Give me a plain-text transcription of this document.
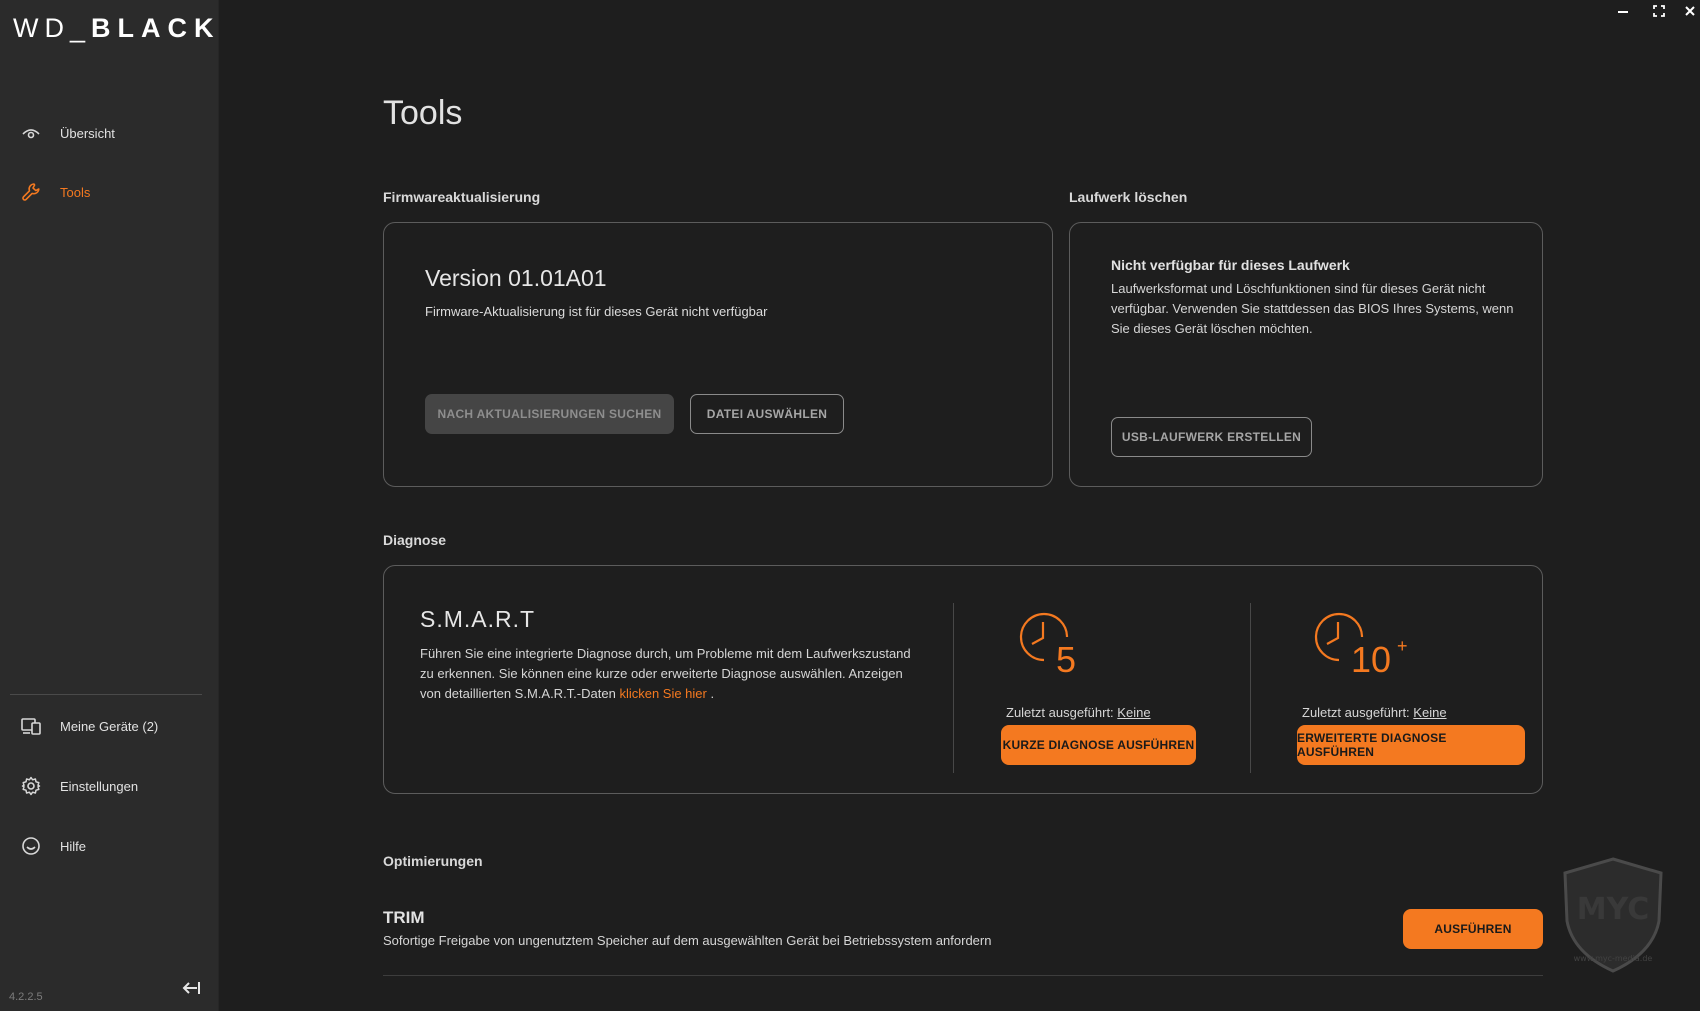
WD_BLACK
Übersicht
Tools
Meine Geräte (2)
Einstellungen
Hilfe
4.2.2.5
Tools
Firmwareaktualisierung
Version 01.01A01
Firmware-Aktualisierung ist für dieses Gerät nicht verfügbar
NACH AKTUALISIERUNGEN SUCHEN	DATEI AUSWÄHLEN
Laufwerk löschen
Nicht verfügbar für dieses Laufwerk
Laufwerksformat und Löschfunktionen sind für dieses Gerät nicht verfügbar. Verwenden Sie stattdessen das BIOS Ihres Systems, wenn Sie dieses Gerät löschen möchten.
USB-LAUFWERK ERSTELLEN
Diagnose
S.M.A.R.T
Führen Sie eine integrierte Diagnose durch, um Probleme mit dem Laufwerkszustand zu erkennen. Sie können eine kurze oder erweiterte Diagnose auswählen. Anzeigen von detaillierten S.M.A.R.T.-Daten klicken Sie hier .
5
Zuletzt ausgeführt: Keine
KURZE DIAGNOSE AUSFÜHREN
10 +
Zuletzt ausgeführt: Keine
ERWEITERTE DIAGNOSE AUSFÜHREN
Optimierungen
TRIM
Sofortige Freigabe von ungenutztem Speicher auf dem ausgewählten Gerät bei Betriebssystem anfordern
AUSFÜHREN
MYC
www.myc-media.de
